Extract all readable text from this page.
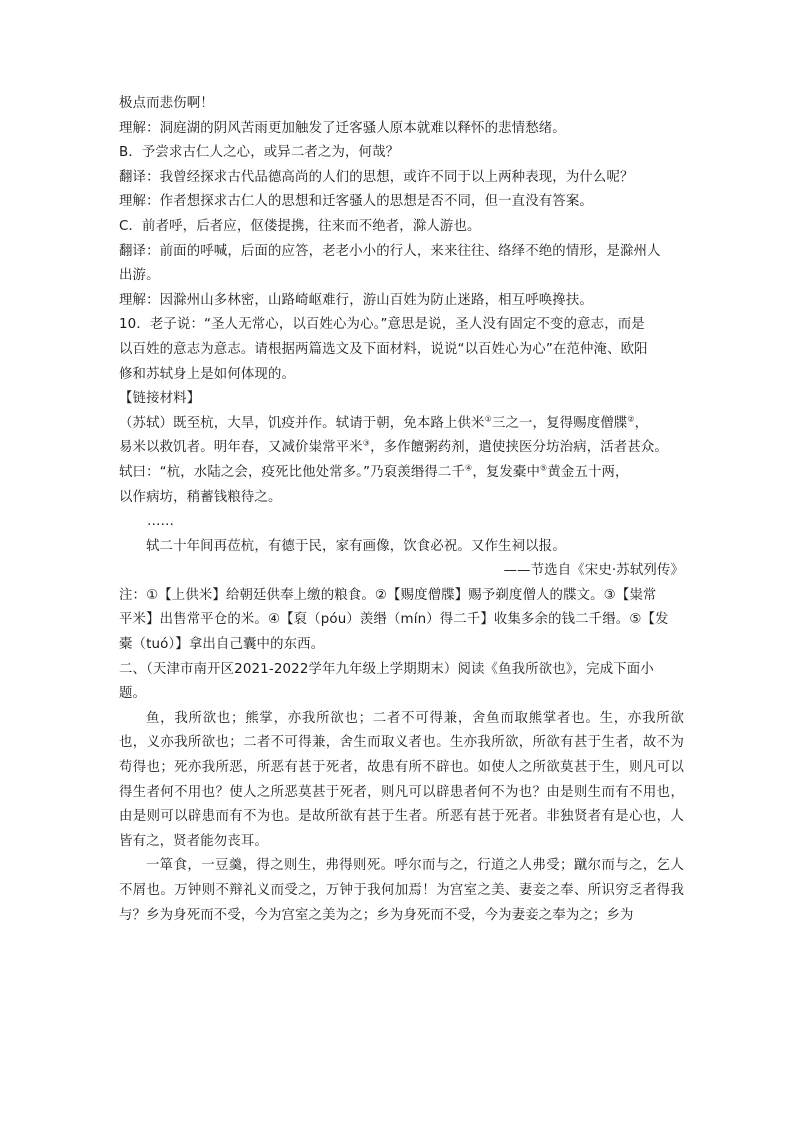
极点而悲伤啊！
理解：洞庭湖的阴风苦雨更加触发了迁客骚人原本就难以释怀的悲情愁绪。
B．予尝求古仁人之心，或异二者之为，何哉？
翻译：我曾经探求古代品德高尚的人们的思想，或许不同于以上两种表现，为什么呢？
理解：作者想探求古仁人的思想和迁客骚人的思想是否不同，但一直没有答案。
C．前者呼，后者应，伛偻提携，往来而不绝者，滁人游也。
翻译：前面的呼喊，后面的应答，老老小小的行人，来来往往、络绎不绝的情形，是滁州人
出游。
理解：因滁州山多林密，山路崎岖难行，游山百姓为防止迷路，相互呼唤搀扶。
10．老子说：“圣人无常心，以百姓心为心。”意思是说，圣人没有固定不变的意志，而是
以百姓的意志为意志。请根据两篇选文及下面材料，说说“以百姓心为心”在范仲淹、欧阳
修和苏轼身上是如何体现的。
【链接材料】
（苏轼）既至杭，大旱，饥疫并作。轼请于朝，免本路上供米①三之一，复得赐度僧牒②，
易米以救饥者。明年春，又减价粜常平米③，多作饘粥药剂，遣使挟医分坊治病，活者甚众。
轼曰：“杭，水陆之会，疫死比他处常多。”乃裒羡缗得二千④，复发橐中⑤黄金五十两，
以作病坊，稍蓄钱粮待之。
……
轼二十年间再莅杭，有德于民，家有画像，饮食必祝。又作生祠以报。
——节选自《宋史·苏轼列传》
注：①【上供米】给朝廷供奉上缴的粮食。②【赐度僧牒】赐予剃度僧人的牒文。③【粜常
平米】出售常平仓的米。④【裒（póu）羡缗（mín）得二千】收集多余的钱二千缗。⑤【发
橐（tuó）】拿出自己囊中的东西。
二、（天津市南开区2021-2022学年九年级上学期期末）阅读《鱼我所欲也》，完成下面小
题。

鱼，我所欲也；熊掌，亦我所欲也；二者不可得兼，舍鱼而取熊掌者也。生，亦我所欲也，义亦我所欲也；二者不可得兼，舍生而取义者也。生亦我所欲，所欲有甚于生者，故不为苟得也；死亦我所恶，所恶有甚于死者，故患有所不辟也。如使人之所欲莫甚于生，则凡可以得生者何不用也？使人之所恶莫甚于死者，则凡可以辟患者何不为也？由是则生而有不用也，由是则可以辟患而有不为也。是故所欲有甚于生者。所恶有甚于死者。非独贤者有是心也，人皆有之，贤者能勿丧耳。

一箪食，一豆羹，得之则生，弗得则死。呼尔而与之，行道之人弗受；蹴尔而与之，乞人不屑也。万钟则不辩礼义而受之，万钟于我何加焉！为宫室之美、妻妾之奉、所识穷乏者得我与？乡为身死而不受，今为宫室之美为之；乡为身死而不受，今为妻妾之奉为之；乡为
